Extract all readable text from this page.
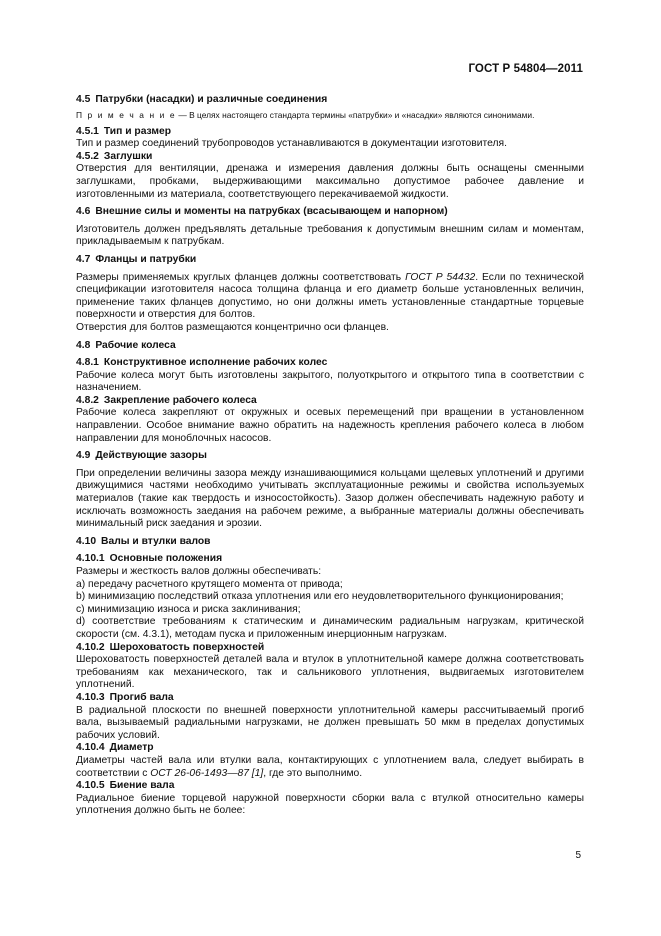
ГОСТ Р 54804—2011
4.5 Патрубки (насадки) и различные соединения

П р и м е ч а н и е — В целях настоящего стандарта термины «патрубки» и «насадки» являются синонимами.

4.5.1 Тип и размер

Тип и размер соединений трубопроводов устанавливаются в документации изготовителя.

4.5.2 Заглушки

Отверстия для вентиляции, дренажа и измерения давления должны быть оснащены сменными заглушками, пробками, выдерживающими максимально допустимое рабочее давление и изготовленными из материала, соответствующего перекачиваемой жидкости.

4.6 Внешние силы и моменты на патрубках (всасывающем и напорном)

Изготовитель должен предъявлять детальные требования к допустимым внешним силам и моментам, прикладываемым к патрубкам.

4.7 Фланцы и патрубки

Размеры применяемых круглых фланцев должны соответствовать ГОСТ Р 54432. Если по технической спецификации изготовителя насоса толщина фланца и его диаметр больше установленных величин, применение таких фланцев допустимо, но они должны иметь установленные стандартные торцевые поверхности и отверстия для болтов.

Отверстия для болтов размещаются концентрично оси фланцев.

4.8 Рабочие колеса
4.8.1 Конструктивное исполнение рабочих колес

Рабочие колеса могут быть изготовлены закрытого, полуоткрытого и открытого типа в соответствии с назначением.

4.8.2 Закрепление рабочего колеса

Рабочие колеса закрепляют от окружных и осевых перемещений при вращении в установленном направлении. Особое внимание важно обратить на надежность крепления рабочего колеса в любом направлении для моноблочных насосов.

4.9 Действующие зазоры

При определении величины зазора между изнашивающимися кольцами щелевых уплотнений и другими движущимися частями необходимо учитывать эксплуатационные режимы и свойства используемых материалов (такие как твердость и износостойкость). Зазор должен обеспечивать надежную работу и исключать возможность заедания на рабочем режиме, а выбранные материалы должны обеспечивать минимальный риск заедания и эрозии.

4.10 Валы и втулки валов
4.10.1 Основные положения

Размеры и жесткость валов должны обеспечивать:

а) передачу расчетного крутящего момента от привода;

b) минимизацию последствий отказа уплотнения или его неудовлетворительного функционирования;

c) минимизацию износа и риска заклинивания;

d) соответствие требованиям к статическим и динамическим радиальным нагрузкам, критической скорости (см. 4.3.1), методам пуска и приложенным инерционным нагрузкам.

4.10.2 Шероховатость поверхностей

Шероховатость поверхностей деталей вала и втулок в уплотнительной камере должна соответствовать требованиям как механического, так и сальникового уплотнения, выдвигаемых изготовителем уплотнений.

4.10.3 Прогиб вала

В радиальной плоскости по внешней поверхности уплотнительной камеры рассчитываемый прогиб вала, вызываемый радиальными нагрузками, не должен превышать 50 мкм в пределах допустимых рабочих условий.

4.10.4 Диаметр

Диаметры частей вала или втулки вала, контактирующих с уплотнением вала, следует выбирать в соответствии с ОСТ 26-06-1493—87 [1], где это выполнимо.

4.10.5 Биение вала

Радиальное биение торцевой наружной поверхности сборки вала с втулкой относительно камеры уплотнения должно быть не более:

5
